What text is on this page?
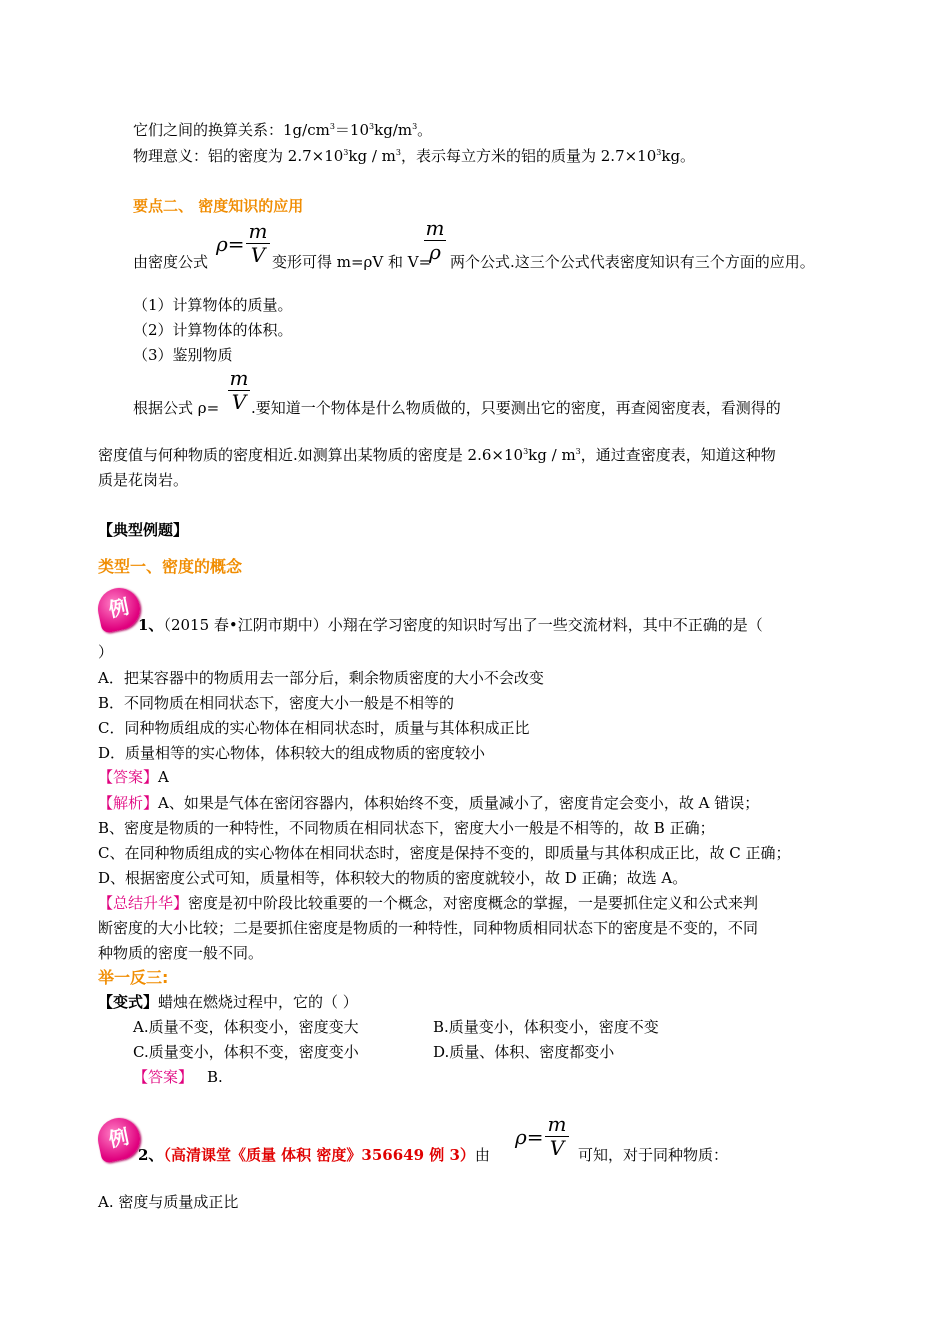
它们之间的换算关系：$1g/cm^3=10^3kg/m^3$。
物理意义：铝的密度为 $2.7\times 10^3kg / m^3$，表示每立方米的铝的质量为 $2.7\times 10^3kg$。
要点二、 密度知识的应用
由密度公式
ρ=
m
V 变形可得 m=ρV 和 V=
m
ρ 两个公式.这三个公式代表密度知识有三个方面的应用。
（1）计算物体的质量。
（2）计算物体的体积。
（3）鉴别物质
根据公式 ρ=
m
V .要知道一个物体是什么物质做的，只要测出它的密度，再查阅密度表，看测得的
密度值与何种物质的密度相近.如测算出某物质的密度是 $2.6\times 10^3kg / m^3$，通过查密度表，知道这种物
质是花岗岩。
【典型例题】
类型一、密度的概念
例
1、（2015 春•江阴市期中）小翔在学习密度的知识时写出了一些交流材料，其中不正确的是（
）
A．把某容器中的物质用去一部分后，剩余物质密度的大小不会改变
B．不同物质在相同状态下，密度大小一般是不相等的
C．同种物质组成的实心物体在相同状态时，质量与其体积成正比
D．质量相等的实心物体，体积较大的组成物质的密度较小
【答案】A
【解析】A、如果是气体在密闭容器内，体积始终不变，质量减小了，密度肯定会变小，故 A 错误；
B、密度是物质的一种特性，不同物质在相同状态下，密度大小一般是不相等的，故 B 正确；
C、在同种物质组成的实心物体在相同状态时，密度是保持不变的，即质量与其体积成正比，故 C 正确；
D、根据密度公式可知，质量相等，体积较大的物质的密度就较小，故 D 正确；故选 A。
【总结升华】密度是初中阶段比较重要的一个概念，对密度概念的掌握，一是要抓住定义和公式来判
断密度的大小比较；二是要抓住密度是物质的一种特性，同种物质相同状态下的密度是不变的，不同
种物质的密度一般不同。
举一反三:
【变式】蜡烛在燃烧过程中，它的（ ）
A.质量不变，体积变小，密度变大	B.质量变小，体积变小，密度不变
C.质量变小，体积不变，密度变小	D.质量、体积、密度都变小
【答案】 B.
例
2、（高清课堂《质量 体积 密度》356649 例 3）由
ρ=
m
V 可知，对于同种物质：
A. 密度与质量成正比
